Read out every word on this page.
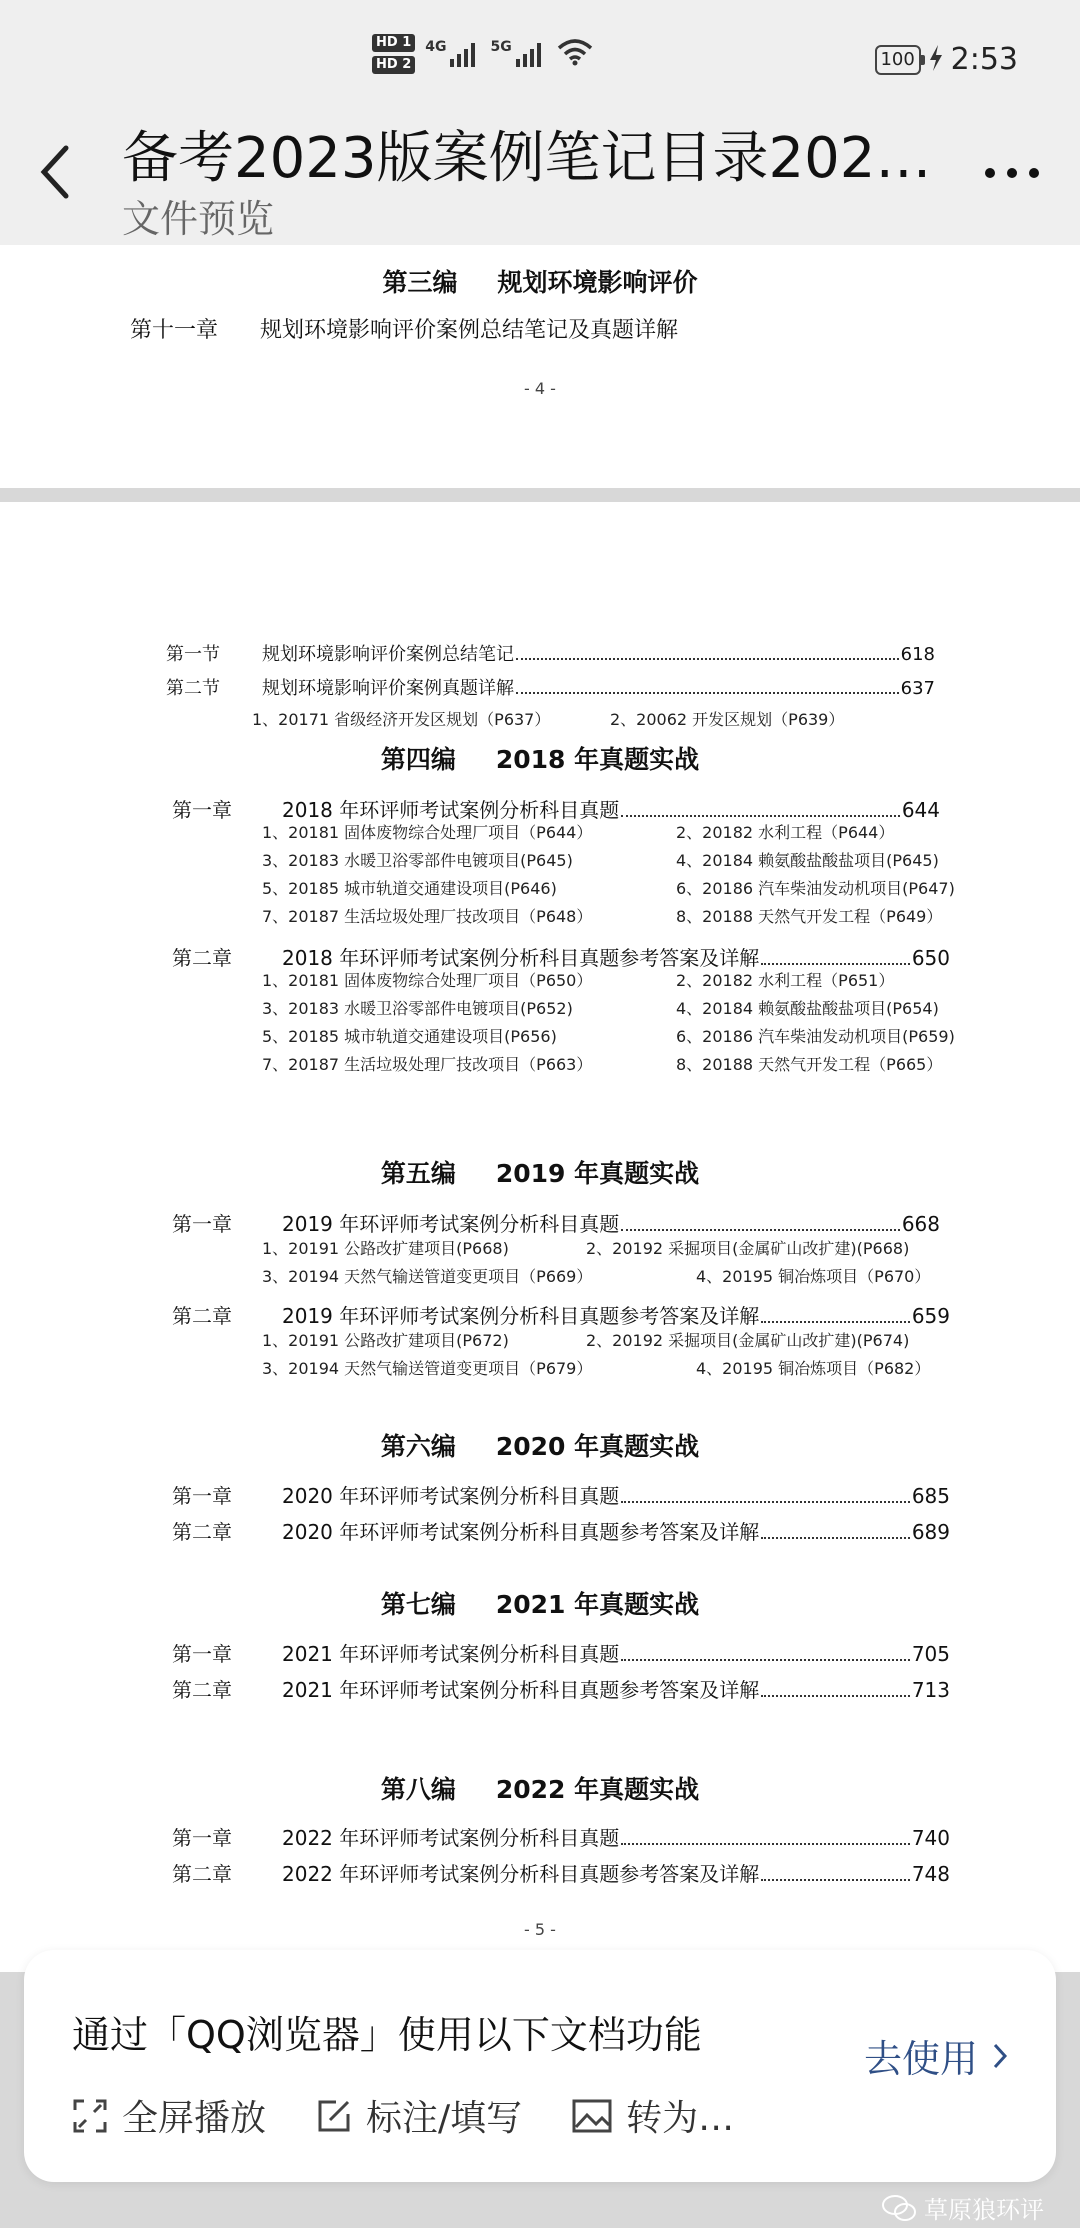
HD 1
HD 2
4G	5G
100 2:53
备考2023版案例笔记目录202…
文件预览
第三编 规划环境影响评价
第十一章 规划环境影响评价案例总结笔记及真题详解
- 4 -
第一节	规划环境影响评价案例总结笔记	618
第二节	规划环境影响评价案例真题详解	637
1、20171 省级经济开发区规划（P637）	2、20062 开发区规划（P639）
第四编 2018 年真题实战
第一章	2018 年环评师考试案例分析科目真题	644
1、20181 固体废物综合处理厂项目（P644）	2、20182 水利工程（P644）
3、20183 水暖卫浴零部件电镀项目(P645)	4、20184 赖氨酸盐酸盐项目(P645)
5、20185 城市轨道交通建设项目(P646)	6、20186 汽车柴油发动机项目(P647)
7、20187 生活垃圾处理厂技改项目（P648）	8、20188 天然气开发工程（P649）
第二章	2018 年环评师考试案例分析科目真题参考答案及详解	650
1、20181 固体废物综合处理厂项目（P650）	2、20182 水利工程（P651）
3、20183 水暖卫浴零部件电镀项目(P652)	4、20184 赖氨酸盐酸盐项目(P654)
5、20185 城市轨道交通建设项目(P656)	6、20186 汽车柴油发动机项目(P659)
7、20187 生活垃圾处理厂技改项目（P663）	8、20188 天然气开发工程（P665）
第五编 2019 年真题实战
第一章	2019 年环评师考试案例分析科目真题	668
1、20191 公路改扩建项目(P668)	2、20192 采掘项目(金属矿山改扩建)(P668)
3、20194 天然气输送管道变更项目（P669）	4、20195 铜冶炼项目（P670）
第二章	2019 年环评师考试案例分析科目真题参考答案及详解	659
1、20191 公路改扩建项目(P672)	2、20192 采掘项目(金属矿山改扩建)(P674)
3、20194 天然气输送管道变更项目（P679）	4、20195 铜冶炼项目（P682）
第六编 2020 年真题实战
第一章	2020 年环评师考试案例分析科目真题	685
第二章	2020 年环评师考试案例分析科目真题参考答案及详解	689
第七编 2021 年真题实战
第一章	2021 年环评师考试案例分析科目真题	705
第二章	2021 年环评师考试案例分析科目真题参考答案及详解	713
第八编 2022 年真题实战
第一章	2022 年环评师考试案例分析科目真题	740
第二章	2022 年环评师考试案例分析科目真题参考答案及详解	748
- 5 -
通过「QQ浏览器」使用以下文档功能
去使用
全屏播放	标注/填写	转为…
草原狼环评
